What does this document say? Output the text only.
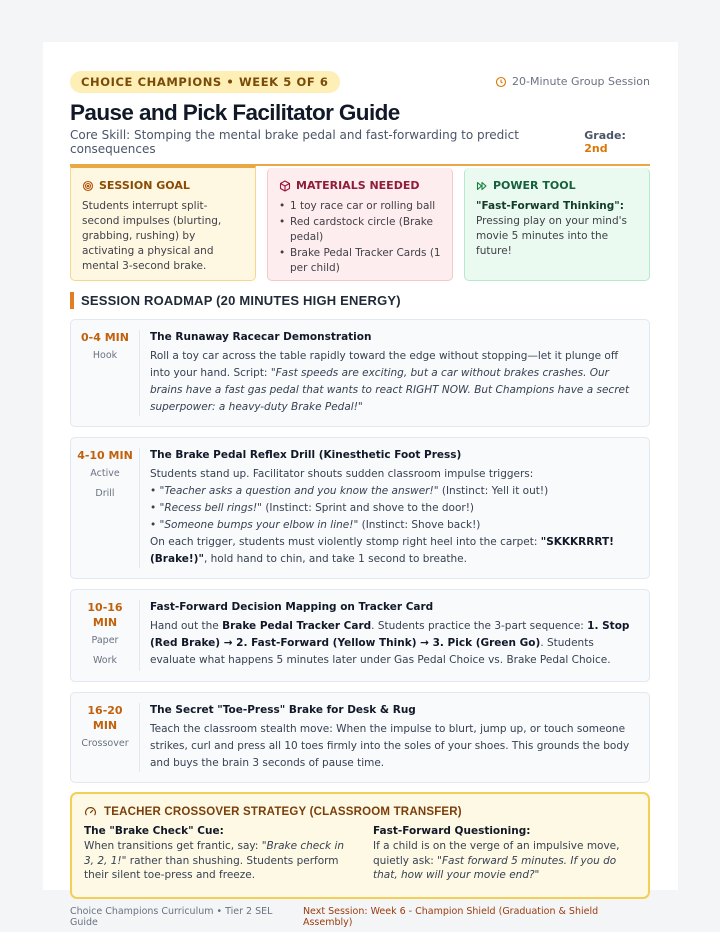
CHOICE CHAMPIONS • WEEK 5 OF 6	20-Minute Group Session
Pause and Pick Facilitator Guide
Core Skill: Stomping the mental brake pedal and fast-forwarding to predict consequences
Grade: 2nd
SESSION GOAL

Students interrupt split-second impulses (blurting, grabbing, rushing) by activating a physical and mental 3-second brake.

MATERIALS NEEDED
• 1 toy race car or rolling ball
• Red cardstock circle (Brake pedal)
• Brake Pedal Tracker Cards (1 per child)
POWER TOOL
"Fast-Forward Thinking":
Pressing play on your mind's movie 5 minutes into the future!
SESSION ROADMAP (20 MINUTES HIGH ENERGY)
0-4 MIN
Hook
The Runaway Racecar Demonstration
Roll a toy car across the table rapidly toward the edge without stopping—let it plunge off into your hand. Script: "Fast speeds are exciting, but a car without brakes crashes. Our brains have a fast gas pedal that wants to react RIGHT NOW. But Champions have a secret superpower: a heavy-duty Brake Pedal!"
4-10 MIN
Active Drill
The Brake Pedal Reflex Drill (Kinesthetic Foot Press)
Students stand up. Facilitator shouts sudden classroom impulse triggers:
• "Teacher asks a question and you know the answer!" (Instinct: Yell it out!)
• "Recess bell rings!" (Instinct: Sprint and shove to the door!)
• "Someone bumps your elbow in line!" (Instinct: Shove back!)
On each trigger, students must violently stomp right heel into the carpet: "SKKKRRRT! (Brake!)", hold hand to chin, and take 1 second to breathe.
10-16 MIN
Paper Work
Fast-Forward Decision Mapping on Tracker Card
Hand out the Brake Pedal Tracker Card. Students practice the 3-part sequence: 1. Stop (Red Brake) → 2. Fast-Forward (Yellow Think) → 3. Pick (Green Go). Students evaluate what happens 5 minutes later under Gas Pedal Choice vs. Brake Pedal Choice.
16-20 MIN
Crossover
The Secret "Toe-Press" Brake for Desk & Rug
Teach the classroom stealth move: When the impulse to blurt, jump up, or touch someone strikes, curl and press all 10 toes firmly into the soles of your shoes. This grounds the body and buys the brain 3 seconds of pause time.
TEACHER CROSSOVER STRATEGY (CLASSROOM TRANSFER)
The "Brake Check" Cue:

When transitions get frantic, say: "Brake check in 3, 2, 1!" rather than shushing. Students perform their silent toe-press and freeze.

Fast-Forward Questioning:

If a child is on the verge of an impulsive move, quietly ask: "Fast forward 5 minutes. If you do that, how will your movie end?"

Choice Champions Curriculum • Tier 2 SEL Guide
Next Session: Week 6 - Champion Shield (Graduation & Shield Assembly)
